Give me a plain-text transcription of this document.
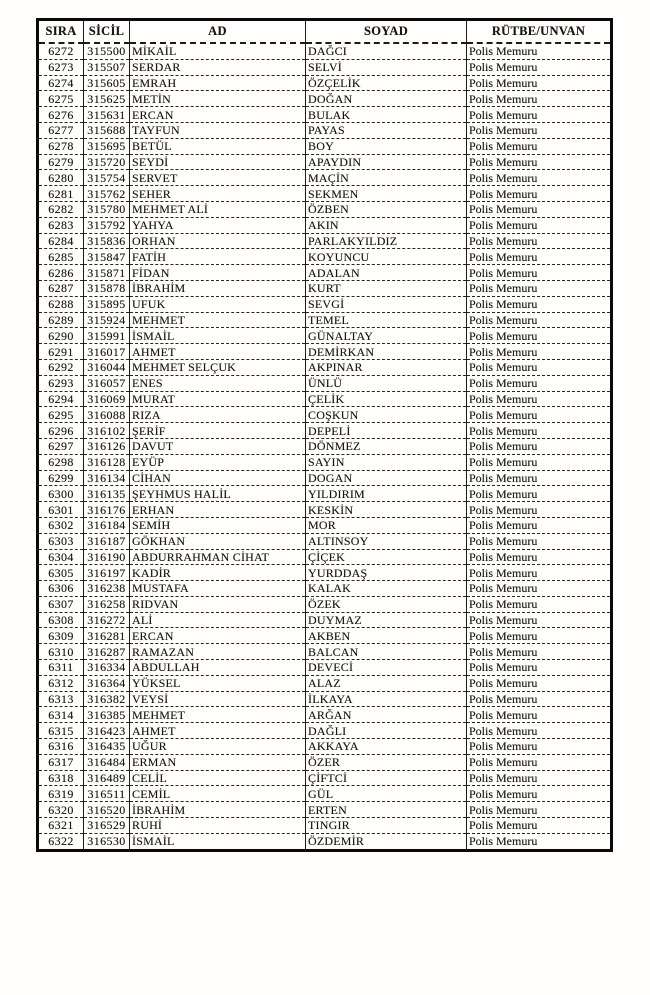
SIRA	SİCİL	AD	SOYAD	RÜTBE/UNVAN
6272	315500	MİKAİL	DAĞCI	Polis Memuru
6273	315507	SERDAR	SELVİ	Polis Memuru
6274	315605	EMRAH	ÖZÇELİK	Polis Memuru
6275	315625	METİN	DOĞAN	Polis Memuru
6276	315631	ERCAN	BULAK	Polis Memuru
6277	315688	TAYFUN	PAYAS	Polis Memuru
6278	315695	BETÜL	BOY	Polis Memuru
6279	315720	SEYDİ	APAYDIN	Polis Memuru
6280	315754	SERVET	MAÇİN	Polis Memuru
6281	315762	SEHER	SEKMEN	Polis Memuru
6282	315780	MEHMET ALİ	ÖZBEN	Polis Memuru
6283	315792	YAHYA	AKIN	Polis Memuru
6284	315836	ORHAN	PARLAKYILDIZ	Polis Memuru
6285	315847	FATİH	KOYUNCU	Polis Memuru
6286	315871	FİDAN	ADALAN	Polis Memuru
6287	315878	İBRAHİM	KURT	Polis Memuru
6288	315895	UFUK	SEVGİ	Polis Memuru
6289	315924	MEHMET	TEMEL	Polis Memuru
6290	315991	İSMAİL	GÜNALTAY	Polis Memuru
6291	316017	AHMET	DEMİRKAN	Polis Memuru
6292	316044	MEHMET SELÇUK	AKPINAR	Polis Memuru
6293	316057	ENES	ÜNLÜ	Polis Memuru
6294	316069	MURAT	ÇELİK	Polis Memuru
6295	316088	RIZA	COŞKUN	Polis Memuru
6296	316102	ŞERİF	DEPELİ	Polis Memuru
6297	316126	DAVUT	DÖNMEZ	Polis Memuru
6298	316128	EYÜP	SAYIN	Polis Memuru
6299	316134	CİHAN	DOGAN	Polis Memuru
6300	316135	ŞEYHMUS HALİL	YILDIRIM	Polis Memuru
6301	316176	ERHAN	KESKİN	Polis Memuru
6302	316184	SEMİH	MOR	Polis Memuru
6303	316187	GÖKHAN	ALTINSOY	Polis Memuru
6304	316190	ABDURRAHMAN CİHAT	ÇİÇEK	Polis Memuru
6305	316197	KADİR	YURDDAŞ	Polis Memuru
6306	316238	MUSTAFA	KALAK	Polis Memuru
6307	316258	RIDVAN	ÖZEK	Polis Memuru
6308	316272	ALİ	DUYMAZ	Polis Memuru
6309	316281	ERCAN	AKBEN	Polis Memuru
6310	316287	RAMAZAN	BALCAN	Polis Memuru
6311	316334	ABDULLAH	DEVECİ	Polis Memuru
6312	316364	YÜKSEL	ALAZ	Polis Memuru
6313	316382	VEYSİ	İLKAYA	Polis Memuru
6314	316385	MEHMET	ARĞAN	Polis Memuru
6315	316423	AHMET	DAĞLI	Polis Memuru
6316	316435	UĞUR	AKKAYA	Polis Memuru
6317	316484	ERMAN	ÖZER	Polis Memuru
6318	316489	CELİL	ÇİFTCİ	Polis Memuru
6319	316511	CEMİL	GÜL	Polis Memuru
6320	316520	İBRAHİM	ERTEN	Polis Memuru
6321	316529	RUHİ	TINGIR	Polis Memuru
6322	316530	İSMAİL	ÖZDEMİR	Polis Memuru
